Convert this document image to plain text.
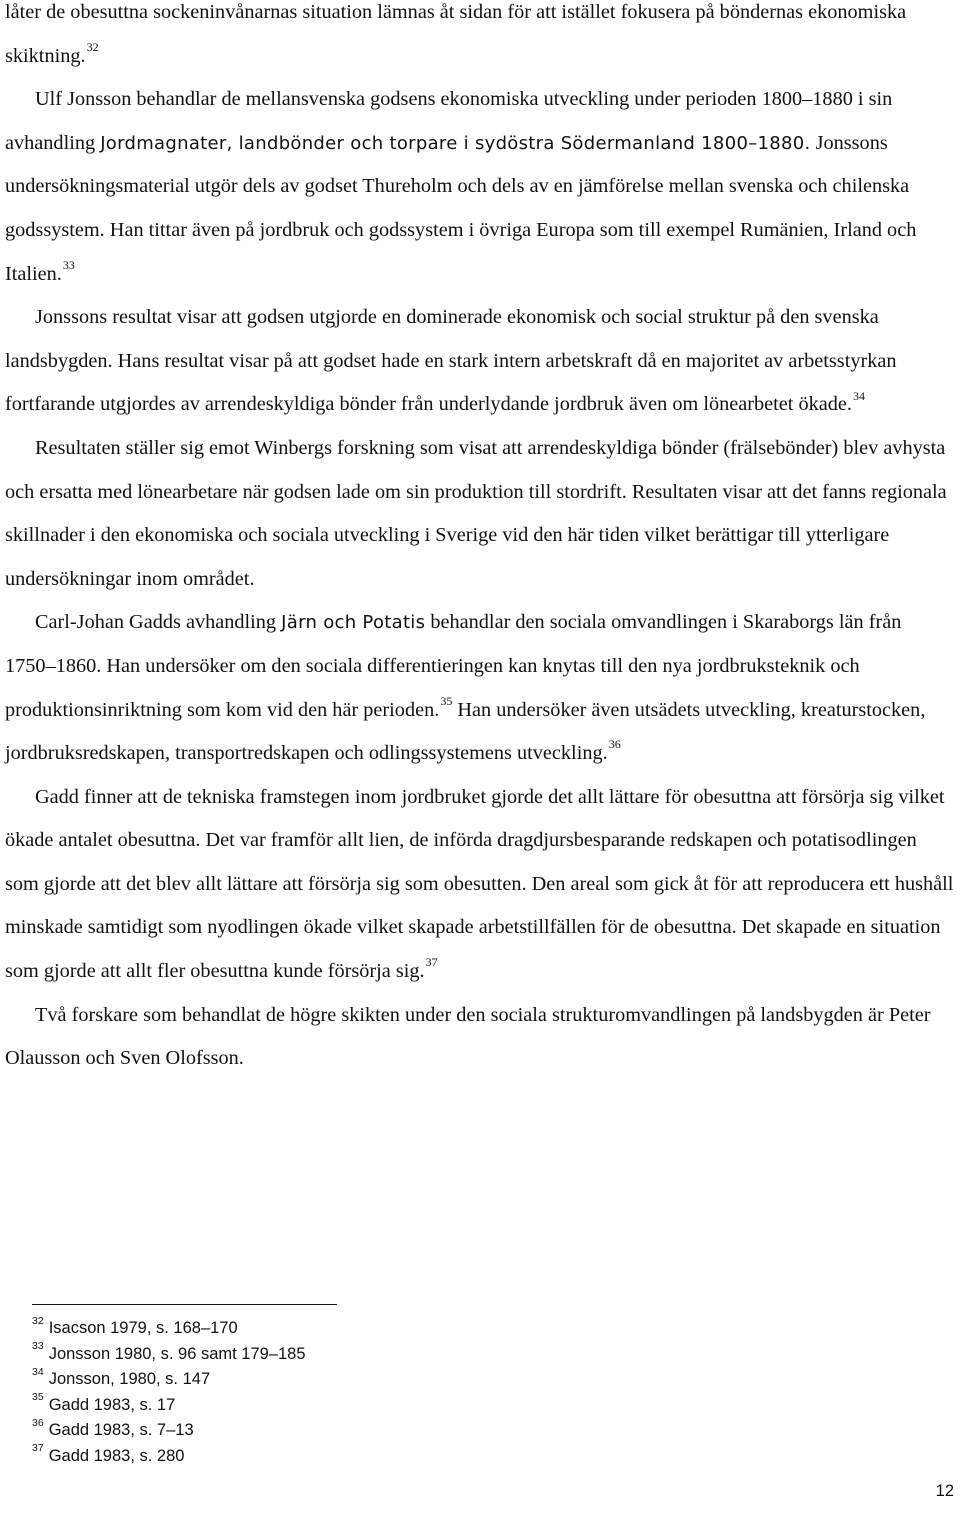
låter de obesuttna sockeninvånarnas situation lämnas åt sidan för att istället fokusera på böndernas ekonomiska skiktning.$^{32}$

Ulf Jonsson behandlar de mellansvenska godsens ekonomiska utveckling under perioden 1800–1880 i sin avhandling Jordmagnater, landbönder och torpare i sydöstra Södermanland 1800–1880. Jonssons undersökningsmaterial utgör dels av godset Thureholm och dels av en jämförelse mellan svenska och chilenska godssystem. Han tittar även på jordbruk och godssystem i övriga Europa som till exempel Rumänien, Irland och Italien.$^{33}$

Jonssons resultat visar att godsen utgjorde en dominerade ekonomisk och social struktur på den svenska landsbygden. Hans resultat visar på att godset hade en stark intern arbetskraft då en majoritet av arbetsstyrkan fortfarande utgjordes av arrendeskyldiga bönder från underlydande jordbruk även om lönearbetet ökade.$^{34}$

Resultaten ställer sig emot Winbergs forskning som visat att arrendeskyldiga bönder (frälsebönder) blev avhysta och ersatta med lönearbetare när godsen lade om sin produktion till stordrift. Resultaten visar att det fanns regionala skillnader i den ekonomiska och sociala utveckling i Sverige vid den här tiden vilket berättigar till ytterligare undersökningar inom området.

Carl-Johan Gadds avhandling Järn och Potatis behandlar den sociala omvandlingen i Skaraborgs län från 1750–1860. Han undersöker om den sociala differentieringen kan knytas till den nya jordbruksteknik och produktionsinriktning som kom vid den här perioden.$^{35}$ Han undersöker även utsädets utveckling, kreaturstocken, jordbruksredskapen, transportredskapen och odlingssystemens utveckling.$^{36}$

Gadd finner att de tekniska framstegen inom jordbruket gjorde det allt lättare för obesuttna att försörja sig vilket ökade antalet obesuttna. Det var framför allt lien, de införda dragdjursbesparande redskapen och potatisodlingen som gjorde att det blev allt lättare att försörja sig som obesutten. Den areal som gick åt för att reproducera ett hushåll minskade samtidigt som nyodlingen ökade vilket skapade arbetstillfällen för de obesuttna. Det skapade en situation som gjorde att allt fler obesuttna kunde försörja sig.$^{37}$

Två forskare som behandlat de högre skikten under den sociala strukturomvandlingen på landsbygden är Peter Olausson och Sven Olofsson.

$^{32}$ Isacson 1979, s. 168–170
$^{33}$ Jonsson 1980, s. 96 samt 179–185
$^{34}$ Jonsson, 1980, s. 147
$^{35}$ Gadd 1983, s. 17
$^{36}$ Gadd 1983, s. 7–13
$^{37}$ Gadd 1983, s. 280
12
